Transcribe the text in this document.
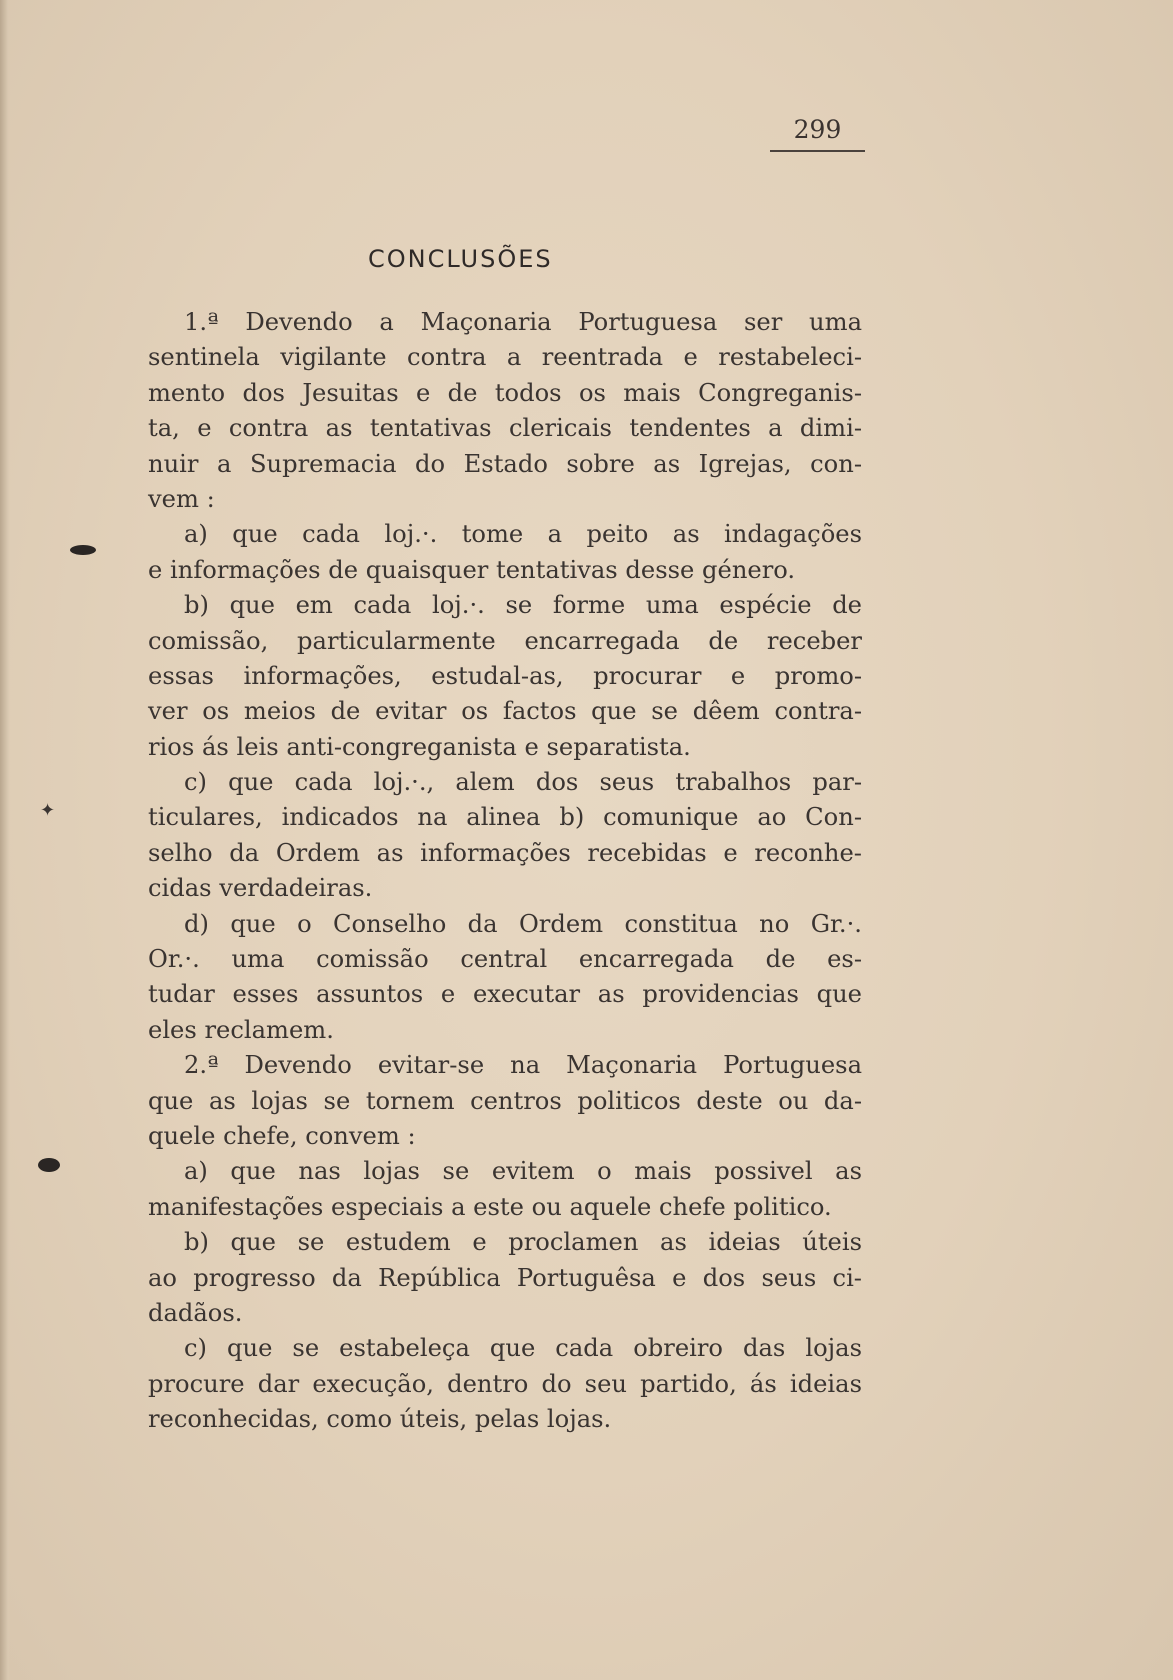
✦
299
CONCLUSÕES
1.ª Devendo a Maçonaria Portuguesa ser uma
sentinela vigilante contra a reentrada e restabeleci-
mento dos Jesuitas e de todos os mais Congreganis-
ta, e contra as tentativas clericais tendentes a dimi-
nuir a Supremacia do Estado sobre as Igrejas, con-
vem :
a) que cada loj.·. tome a peito as indagações
e informações de quaisquer tentativas desse género.
b) que em cada loj.·. se forme uma espécie de
comissão, particularmente encarregada de receber
essas informações, estudal-as, procurar e promo-
ver os meios de evitar os factos que se dêem contra-
rios ás leis anti-congreganista e separatista.
c) que cada loj.·., alem dos seus trabalhos par-
ticulares, indicados na alinea b) comunique ao Con-
selho da Ordem as informações recebidas e reconhe-
cidas verdadeiras.
d) que o Conselho da Ordem constitua no Gr.·.
Or.·. uma comissão central encarregada de es-
tudar esses assuntos e executar as providencias que
eles reclamem.
2.ª Devendo evitar-se na Maçonaria Portuguesa
que as lojas se tornem centros politicos deste ou da-
quele chefe, convem :
a) que nas lojas se evitem o mais possivel as
manifestações especiais a este ou aquele chefe politico.
b) que se estudem e proclamen as ideias úteis
ao progresso da República Portuguêsa e dos seus ci-
dadãos.
c) que se estabeleça que cada obreiro das lojas
procure dar execução, dentro do seu partido, ás ideias
reconhecidas, como úteis, pelas lojas.
